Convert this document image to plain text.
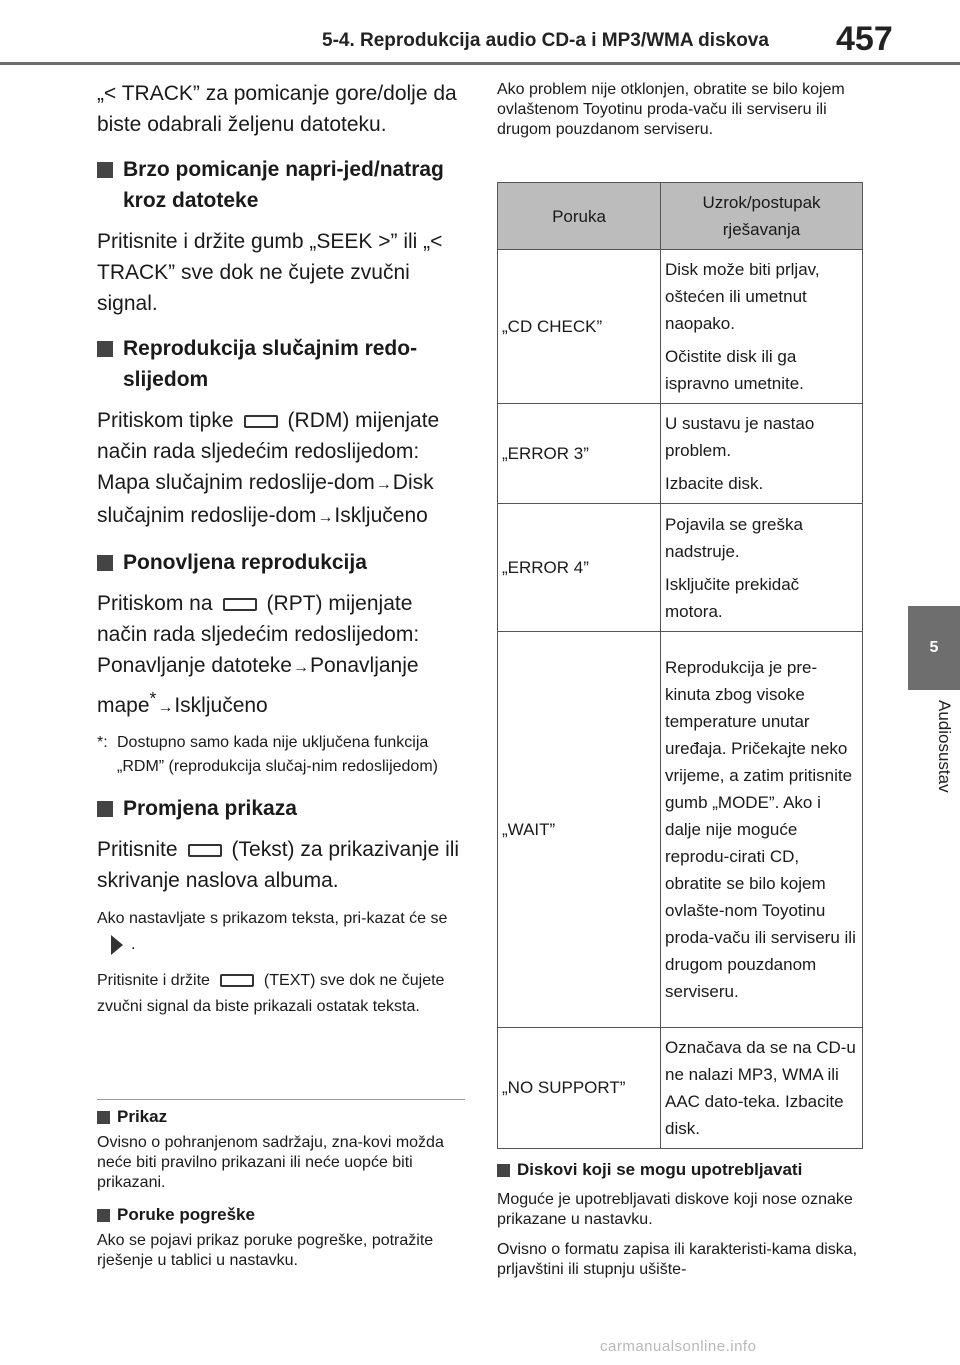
5-4. Reprodukcija audio CD-a i MP3/WMA diskova 457
5
Audiosustav

„< TRACK” za pomicanje gore/dolje da biste odabrali željenu datoteku.

Brzo pomicanje napri-jed/natrag kroz datoteke

Pritisnite i držite gumb „SEEK >” ili „< TRACK” sve dok ne čujete zvučni signal.

Reprodukcija slučajnim redo-slijedom

Pritiskom tipke	(RDM) mijenjate način rada sljedećim redoslijedom: Mapa slučajnim redoslije-dom→Disk slučajnim redoslije-dom→Isključeno

Ponovljena reprodukcija

Pritiskom na	(RPT) mijenjate način rada sljedećim redoslijedom: Ponavljanje datoteke→Ponavljanje mape*→Isključeno

*: Dostupno samo kada nije uključena funkcija „RDM” (reprodukcija slučaj-nim redoslijedom)

Promjena prikaza

Pritisnite	(Tekst) za prikazivanje ili skrivanje naslova albuma.

Ako nastavljate s prikazom teksta, pri-kazat će se.

Pritisnite i držite	(TEXT) sve dok ne čujete zvučni signal da biste prikazali ostatak teksta.

Prikaz

Ovisno o pohranjenom sadržaju, zna-kovi možda neće biti pravilno prikazani ili neće uopće biti prikazani.

Poruke pogreške

Ako se pojavi prikaz poruke pogreške, potražite rješenje u tablici u nastavku.

Ako problem nije otklonjen, obratite se bilo kojem ovlaštenom Toyotinu proda-vaču ili serviseru ili drugom pouzdanom serviseru.

Poruka	Uzrok/postupak rješavanja
„CD CHECK”	Disk može biti prljav, oštećen ili umetnut naopako.

Očistite disk ili ga ispravno umetnite.

„ERROR 3”	U sustavu je nastao problem.

Izbacite disk.

„ERROR 4”	Pojavila se greška nadstruje.

Isključite prekidač motora.

„WAIT”	Reprodukcija je pre-kinuta zbog visoke temperature unutar uređaja. Pričekajte neko vrijeme, a zatim pritisnite gumb „MODE”. Ako i dalje nije moguće reprodu-cirati CD, obratite se bilo kojem ovlašte-nom Toyotinu proda-vaču ili serviseru ili drugom pouzdanom serviseru.

„NO SUPPORT”	Označava da se na CD-u ne nalazi MP3, WMA ili AAC dato-teka. Izbacite disk.

Diskovi koji se mogu upotrebljavati

Moguće je upotrebljavati diskove koji nose oznake prikazane u nastavku.

Ovisno o formatu zapisa ili karakteristi-kama diska, prljavštini ili stupnju ušište-

carmanualsonline.info
